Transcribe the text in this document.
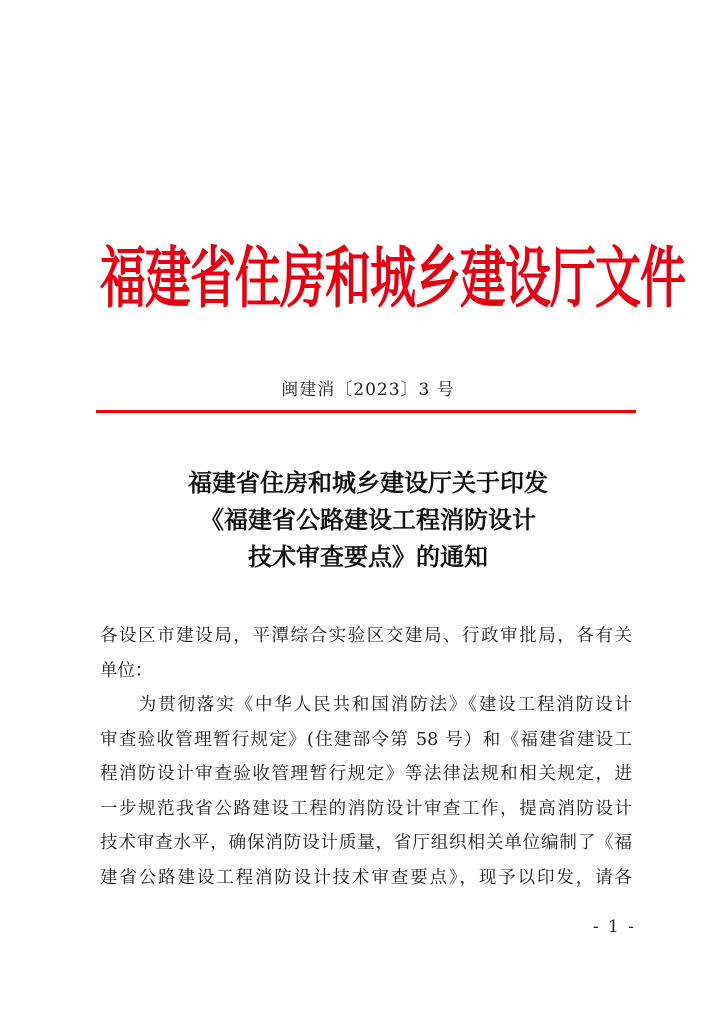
福建省住房和城乡建设厅文件
闽建消〔2023〕3 号
福建省住房和城乡建设厅关于印发
《福建省公路建设工程消防设计
技术审查要点》的通知
各设区市建设局，平潭综合实验区交建局、行政审批局，各有关
单位：
　　为贯彻落实《中华人民共和国消防法》《建设工程消防设计
审查验收管理暂行规定》(住建部令第 58 号）和《福建省建设工
程消防设计审查验收管理暂行规定》等法律法规和相关规定，进
一步规范我省公路建设工程的消防设计审查工作，提高消防设计
技术审查水平，确保消防设计质量，省厅组织相关单位编制了《福
建省公路建设工程消防设计技术审查要点》，现予以印发，请各
- 1 -
